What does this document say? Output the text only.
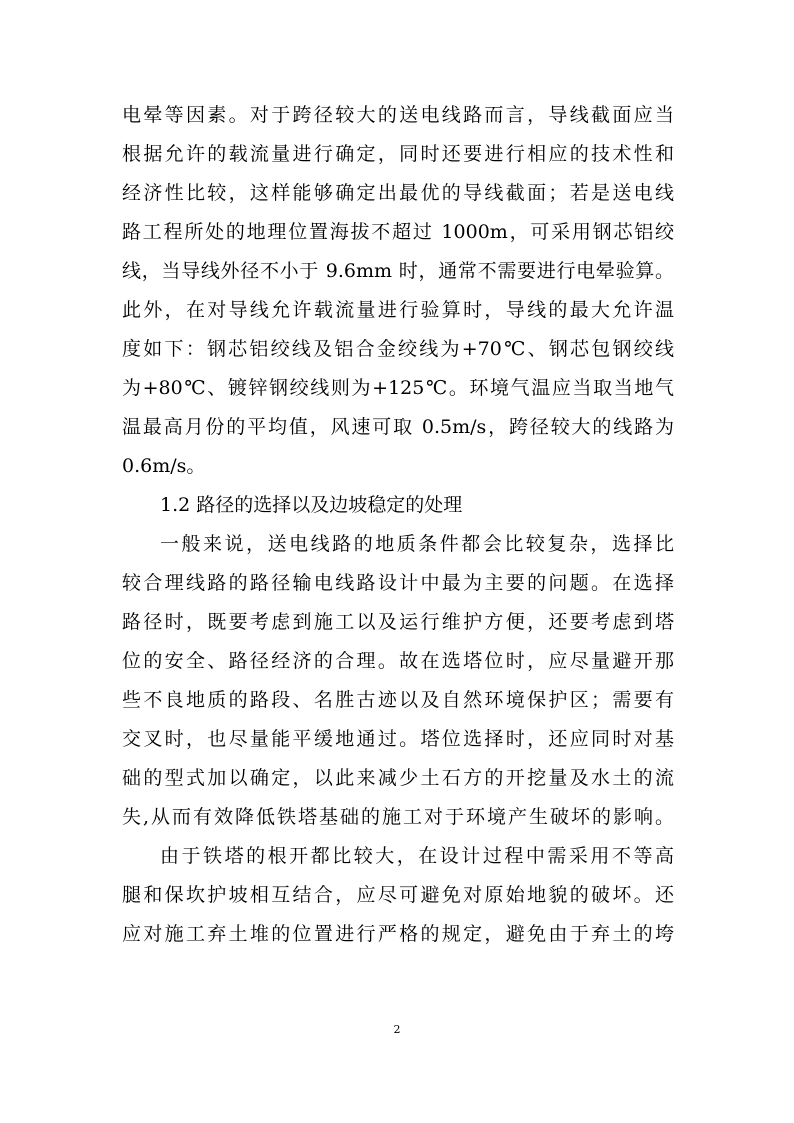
电晕等因素。对于跨径较大的送电线路而言，导线截面应当
根据允许的载流量进行确定，同时还要进行相应的技术性和
经济性比较，这样能够确定出最优的导线截面；若是送电线
路工程所处的地理位置海拔不超过 1000m，可采用钢芯铝绞
线，当导线外径不小于 9.6mm 时，通常不需要进行电晕验算。
此外，在对导线允许载流量进行验算时，导线的最大允许温
度如下：钢芯铝绞线及铝合金绞线为+70℃、钢芯包钢绞线
为+80℃、镀锌钢绞线则为+125℃。环境气温应当取当地气
温最高月份的平均值，风速可取 0.5m/s，跨径较大的线路为
0.6m/s。
1.2 路径的选择以及边坡稳定的处理
一般来说，送电线路的地质条件都会比较复杂，选择比
较合理线路的路径输电线路设计中最为主要的问题。在选择
路径时，既要考虑到施工以及运行维护方便，还要考虑到塔
位的安全、路径经济的合理。故在选塔位时，应尽量避开那
些不良地质的路段、名胜古迹以及自然环境保护区；需要有
交叉时，也尽量能平缓地通过。塔位选择时，还应同时对基
础的型式加以确定，以此来减少土石方的开挖量及水土的流
失,从而有效降低铁塔基础的施工对于环境产生破坏的影响。
由于铁塔的根开都比较大，在设计过程中需采用不等高
腿和保坎护坡相互结合，应尽可避免对原始地貌的破坏。还
应对施工弃土堆的位置进行严格的规定，避免由于弃土的垮
2
